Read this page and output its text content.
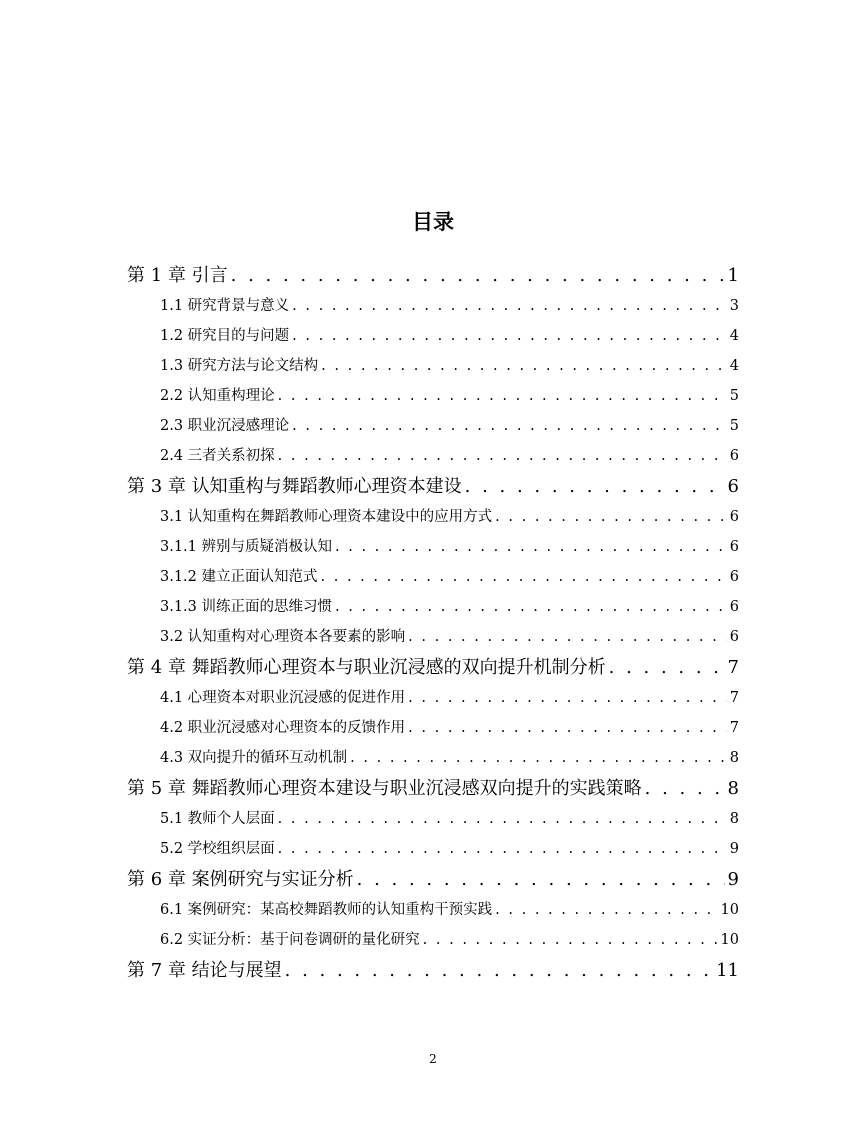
目录
第 1 章 引言 . . .	1
1.1 研究背景与意义 . . .	3
1.2 研究目的与问题 . . .	4
1.3 研究方法与论文结构 . . .	4
2.2 认知重构理论 . . .	5
2.3 职业沉浸感理论 . . .	5
2.4 三者关系初探 . . .	6
第 3 章 认知重构与舞蹈教师心理资本建设 . . .	6
3.1 认知重构在舞蹈教师心理资本建设中的应用方式 . . .	6
3.1.1 辨别与质疑消极认知 . . .	6
3.1.2 建立正面认知范式 . . .	6
3.1.3 训练正面的思维习惯 . . .	6
3.2 认知重构对心理资本各要素的影响 . . .	6
第 4 章 舞蹈教师心理资本与职业沉浸感的双向提升机制分析 . . .	7
4.1 心理资本对职业沉浸感的促进作用 . . .	7
4.2 职业沉浸感对心理资本的反馈作用 . . .	7
4.3 双向提升的循环互动机制 . . .	8
第 5 章 舞蹈教师心理资本建设与职业沉浸感双向提升的实践策略 . . .	8
5.1 教师个人层面 . . .	8
5.2 学校组织层面 . . .	9
第 6 章 案例研究与实证分析 . . .	9
6.1 案例研究：某高校舞蹈教师的认知重构干预实践 . . .	10
6.2 实证分析：基于问卷调研的量化研究 . . .	10
第 7 章 结论与展望 . . .	11
2
